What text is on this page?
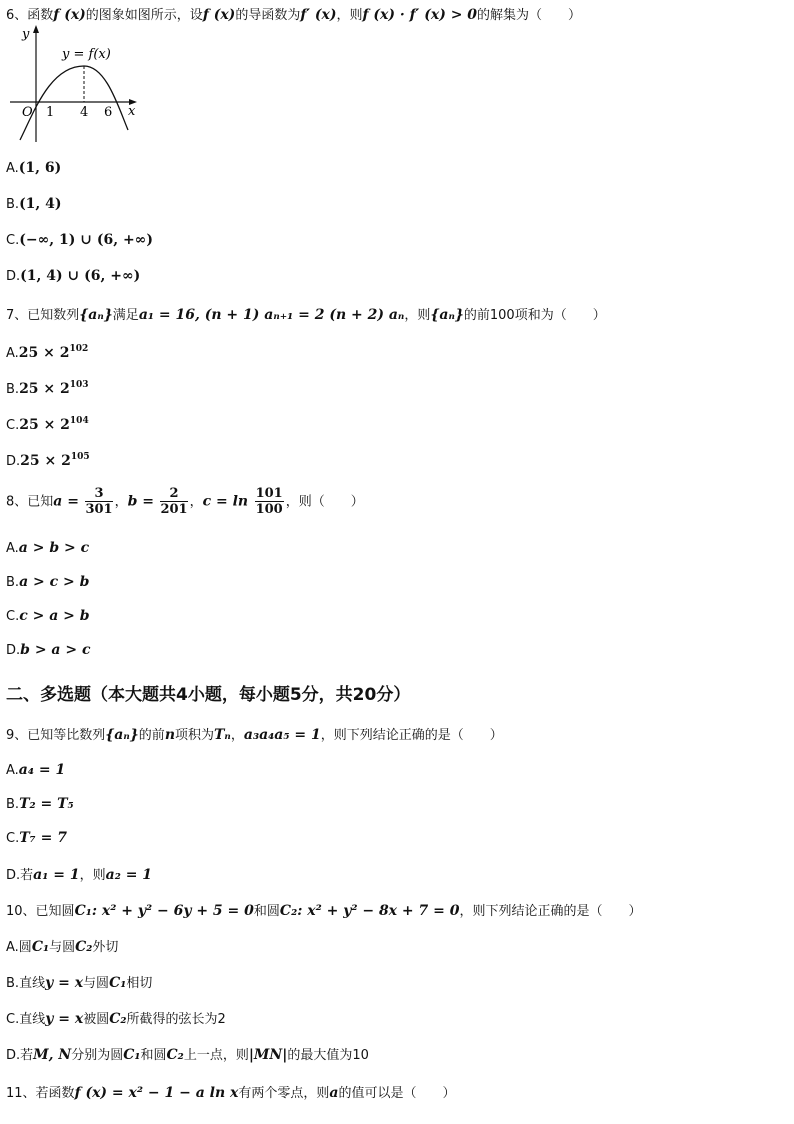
6、函数f (x)的图象如图所示，设f (x)的导函数为f′ (x)，则f (x) · f′ (x) > 0的解集为（　　）
y
x
O
y = f(x)
1 4 6
A.(1, 6)
B.(1, 4)
C.(−∞, 1) ∪ (6, +∞)
D.(1, 4) ∪ (6, +∞)
7、已知数列{aₙ}满足a₁ = 16, (n + 1) aₙ₊₁ = 2 (n + 2) aₙ，则{aₙ}的前100项和为（　　）
$A.25 \times 2^{102}$
$B.25 \times 2^{103}$
$C.25 \times 2^{104}$
$D.25 \times 2^{105}$
8、已知$a = \frac{3}{301}$ ，$b = \frac{2}{201}$ ，$c = \ln \frac{101}{100}$ ，则（　　）
A.a > b > c
B.a > c > b
C.c > a > b
D.b > a > c
二、多选题（本大题共4小题，每小题5分，共20分）
9、已知等比数列{aₙ}的前n项积为Tₙ，a₃a₄a₅ = 1，则下列结论正确的是（　　）
A.a₄ = 1
B.T₂ = T₅
C.T₇ = 7
D.若a₁ = 1，则a₂ = 1
10、已知圆C₁: x² + y² − 6y + 5 = 0和圆C₂: x² + y² − 8x + 7 = 0，则下列结论正确的是（　　）
A.圆C₁与圆C₂外切
B.直线y = x与圆C₁相切
C.直线y = x被圆C₂所截得的弦长为2
D.若M, N分别为圆C₁和圆C₂上一点，则|MN|的最大值为10
11、若函数f (x) = x² − 1 − a ln x有两个零点，则a的值可以是（　　）
